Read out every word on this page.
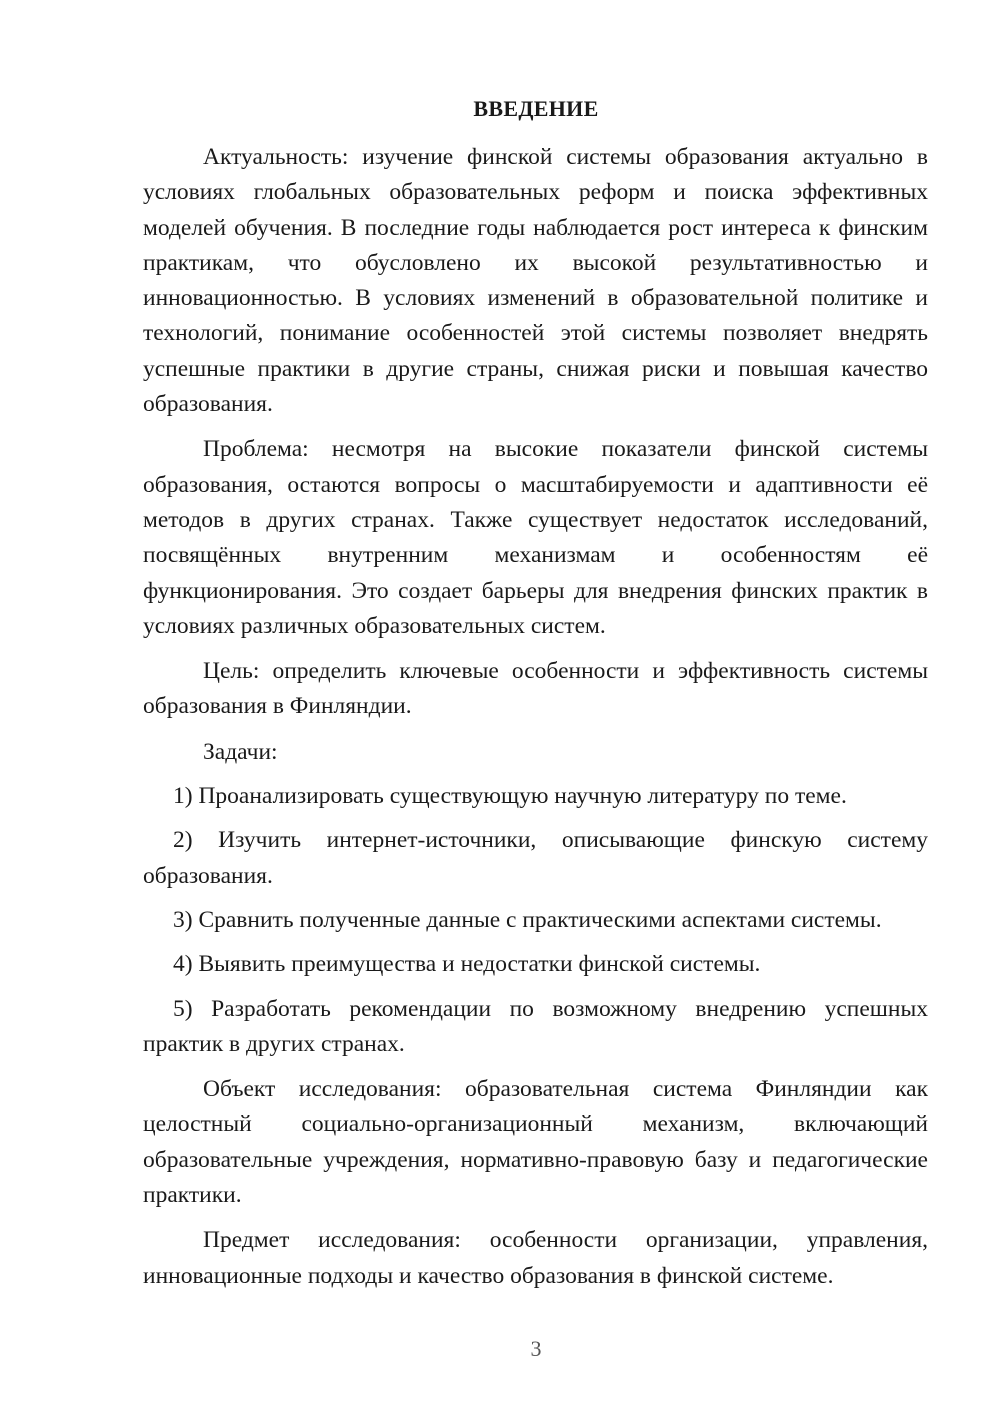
ВВЕДЕНИЕ

Актуальность: изучение финской системы образования актуально в условиях глобальных образовательных реформ и поиска эффективных моделей обучения. В последние годы наблюдается рост интереса к финским практикам, что обусловлено их высокой результативностью и инновационностью. В условиях изменений в образовательной политике и технологий, понимание особенностей этой системы позволяет внедрять успешные практики в другие страны, снижая риски и повышая качество образования.

Проблема: несмотря на высокие показатели финской системы образования, остаются вопросы о масштабируемости и адаптивности её методов в других странах. Также существует недостаток исследований, посвящённых внутренним механизмам и особенностям её функционирования. Это создает барьеры для внедрения финских практик в условиях различных образовательных систем.

Цель: определить ключевые особенности и эффективность системы образования в Финляндии.

Задачи:

1) Проанализировать существующую научную литературу по теме.

2) Изучить интернет-источники, описывающие финскую систему образования.

3) Сравнить полученные данные с практическими аспектами системы.

4) Выявить преимущества и недостатки финской системы.

5) Разработать рекомендации по возможному внедрению успешных практик в других странах.

Объект исследования: образовательная система Финляндии как целостный социально-организационный механизм, включающий образовательные учреждения, нормативно-правовую базу и педагогические практики.

Предмет исследования: особенности организации, управления, инновационные подходы и качество образования в финской системе.

3
